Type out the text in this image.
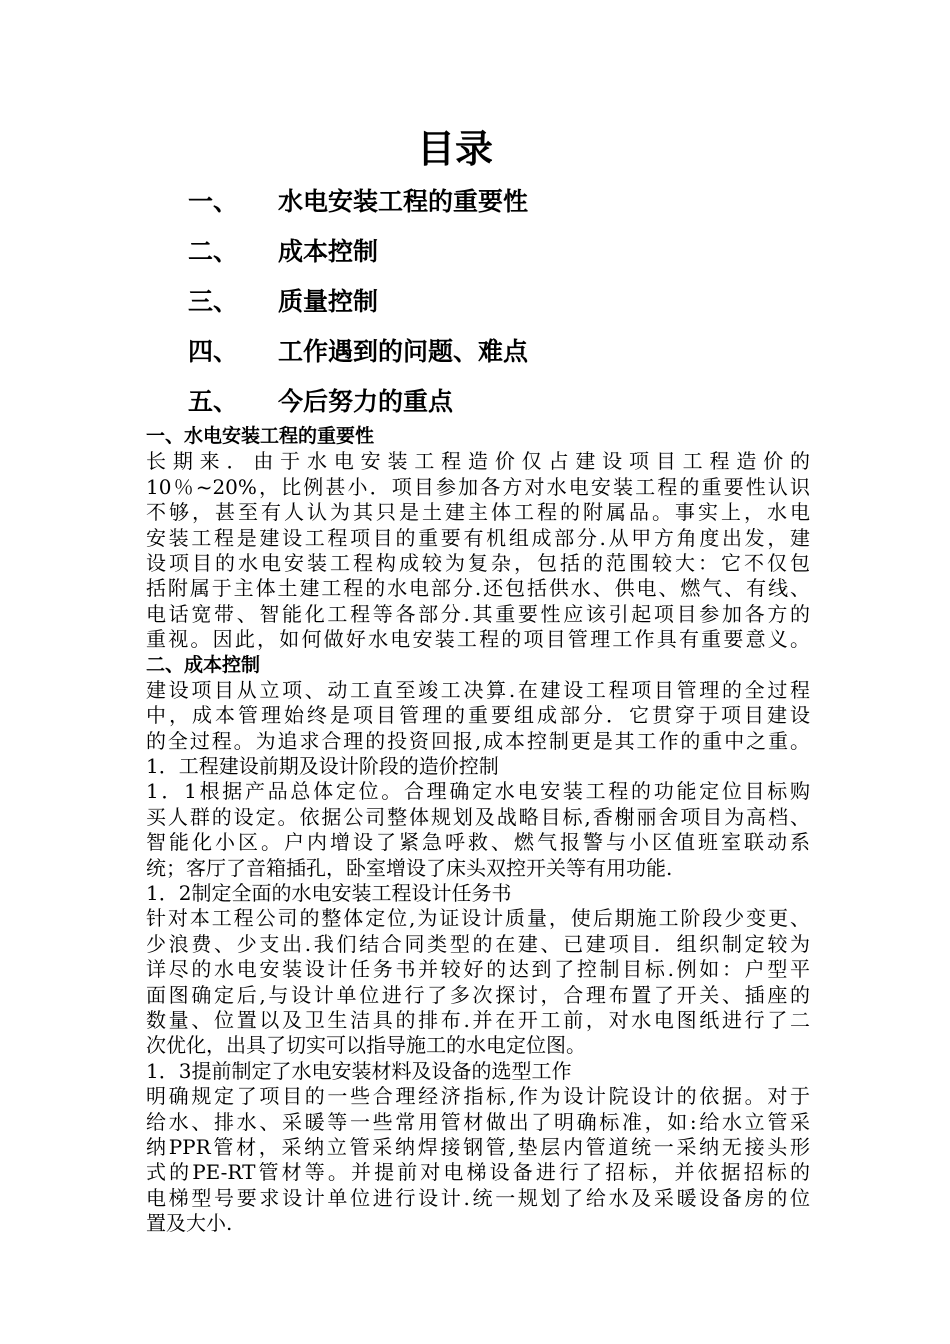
目录
一、 水电安装工程的重要性
二、 成本控制
三、 质量控制
四、 工作遇到的问题、难点
五、 今后努力的重点

一、水电安装工程的重要性

长期来．由于水电安装工程造价仅占建设项目工程造价的

10％~20%，比例甚小．项目参加各方对水电安装工程的重要性认识

不够，甚至有人认为其只是土建主体工程的附属品。事实上，水电

安装工程是建设工程项目的重要有机组成部分.从甲方角度出发，建

设项目的水电安装工程构成较为复杂，包括的范围较大：它不仅包

括附属于主体土建工程的水电部分.还包括供水、供电、燃气、有线、

电话宽带、智能化工程等各部分.其重要性应该引起项目参加各方的

重视。因此，如何做好水电安装工程的项目管理工作具有重要意义。

二、成本控制

建设项目从立项、动工直至竣工决算.在建设工程项目管理的全过程

中，成本管理始终是项目管理的重要组成部分．它贯穿于项目建设

的全过程。为追求合理的投资回报,成本控制更是其工作的重中之重。

1．工程建设前期及设计阶段的造价控制

1．1根据产品总体定位。合理确定水电安装工程的功能定位目标购

买人群的设定。依据公司整体规划及战略目标,香榭丽舍项目为高档、

智能化小区。户内增设了紧急呼救、燃气报警与小区值班室联动系

统；客厅了音箱插孔，卧室增设了床头双控开关等有用功能.

1．2制定全面的水电安装工程设计任务书

针对本工程公司的整体定位,为证设计质量，使后期施工阶段少变更、

少浪费、少支出.我们结合同类型的在建、已建项目．组织制定较为

详尽的水电安装设计任务书并较好的达到了控制目标.例如：户型平

面图确定后,与设计单位进行了多次探讨，合理布置了开关、插座的

数量、位置以及卫生洁具的排布.并在开工前，对水电图纸进行了二

次优化，出具了切实可以指导施工的水电定位图。

1．3提前制定了水电安装材料及设备的选型工作

明确规定了项目的一些合理经济指标,作为设计院设计的依据。对于

给水、排水、采暖等一些常用管材做出了明确标准，如:给水立管采

纳PPR管材，采纳立管采纳焊接钢管,垫层内管道统一采纳无接头形

式的PE-RT管材等。并提前对电梯设备进行了招标，并依据招标的

电梯型号要求设计单位进行设计.统一规划了给水及采暖设备房的位

置及大小.
